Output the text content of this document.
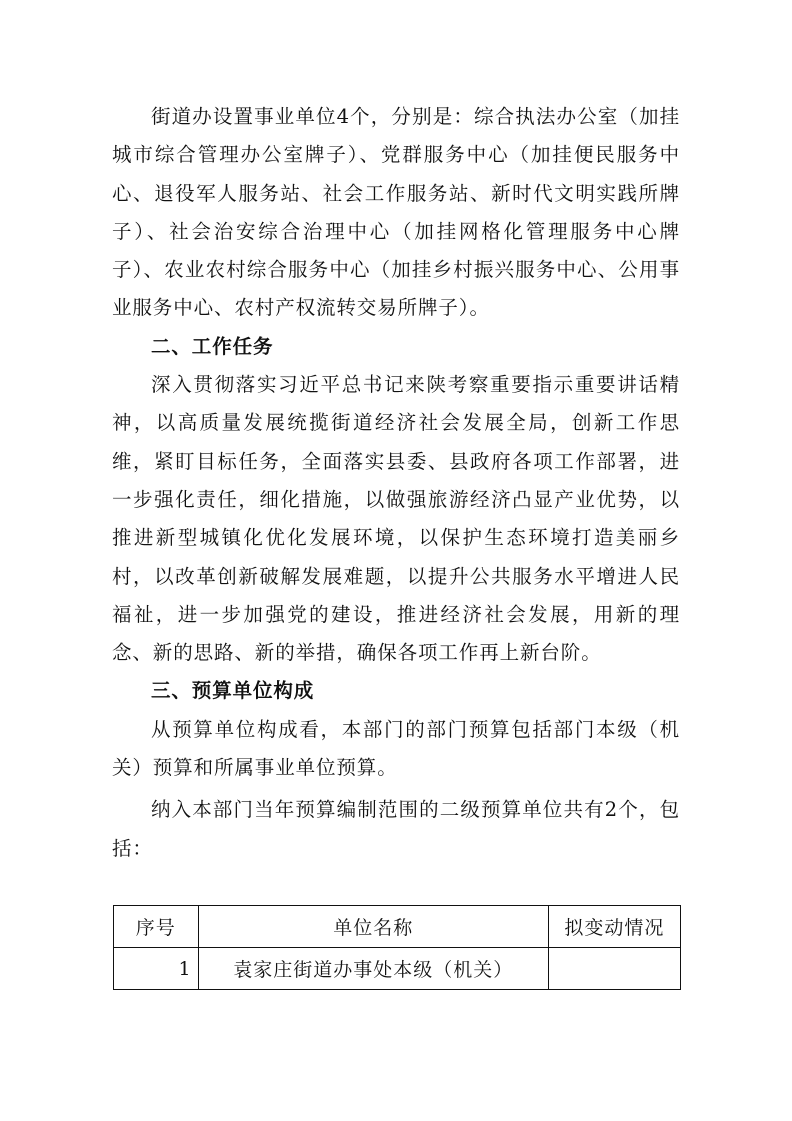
街道办设置事业单位4个，分别是：综合执法办公室（加挂城市综合管理办公室牌子）、党群服务中心（加挂便民服务中心、退役军人服务站、社会工作服务站、新时代文明实践所牌子）、社会治安综合治理中心（加挂网格化管理服务中心牌子）、农业农村综合服务中心（加挂乡村振兴服务中心、公用事业服务中心、农村产权流转交易所牌子）。

二、工作任务

深入贯彻落实习近平总书记来陕考察重要指示重要讲话精神，以高质量发展统揽街道经济社会发展全局，创新工作思维，紧盯目标任务，全面落实县委、县政府各项工作部署，进一步强化责任，细化措施，以做强旅游经济凸显产业优势，以推进新型城镇化优化发展环境，以保护生态环境打造美丽乡村，以改革创新破解发展难题，以提升公共服务水平增进人民福祉，进一步加强党的建设，推进经济社会发展，用新的理念、新的思路、新的举措，确保各项工作再上新台阶。

三、预算单位构成

从预算单位构成看，本部门的部门预算包括部门本级（机关）预算和所属事业单位预算。

纳入本部门当年预算编制范围的二级预算单位共有2个，包括：

序号	单位名称	拟变动情况
1	袁家庄街道办事处本级（机关）	
